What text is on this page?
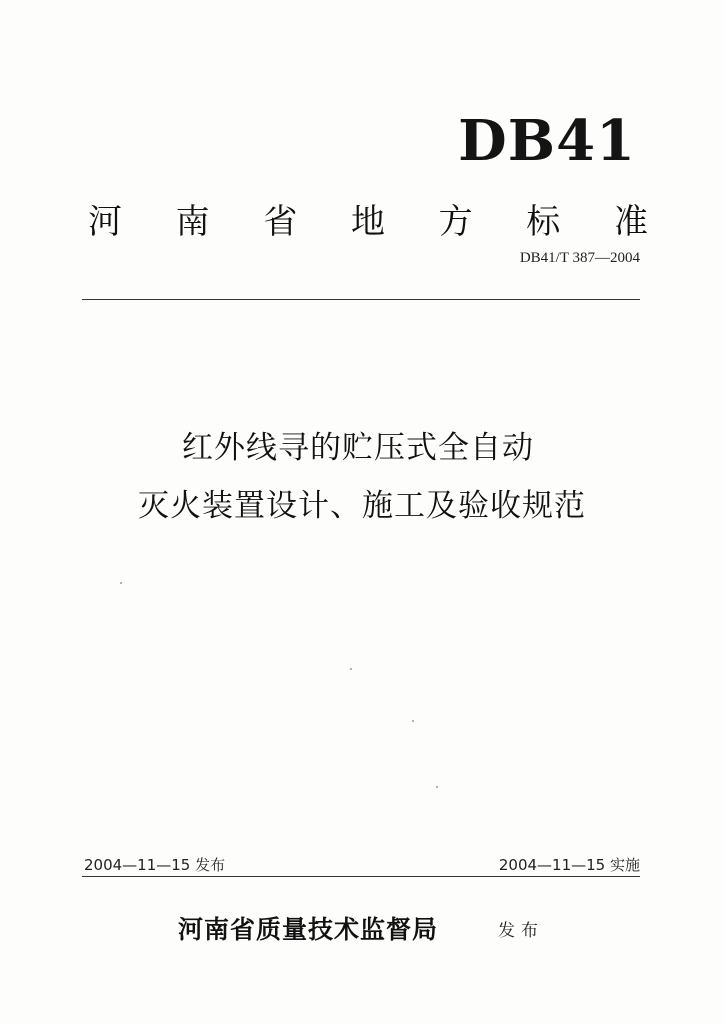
DB41
河 南 省 地 方 标 准
DB41/T 387—2004
红外线寻的贮压式全自动
灭火装置设计、施工及验收规范
2004—11—15 发布	2004—11—15 实施
河南省质量技术监督局	发布
